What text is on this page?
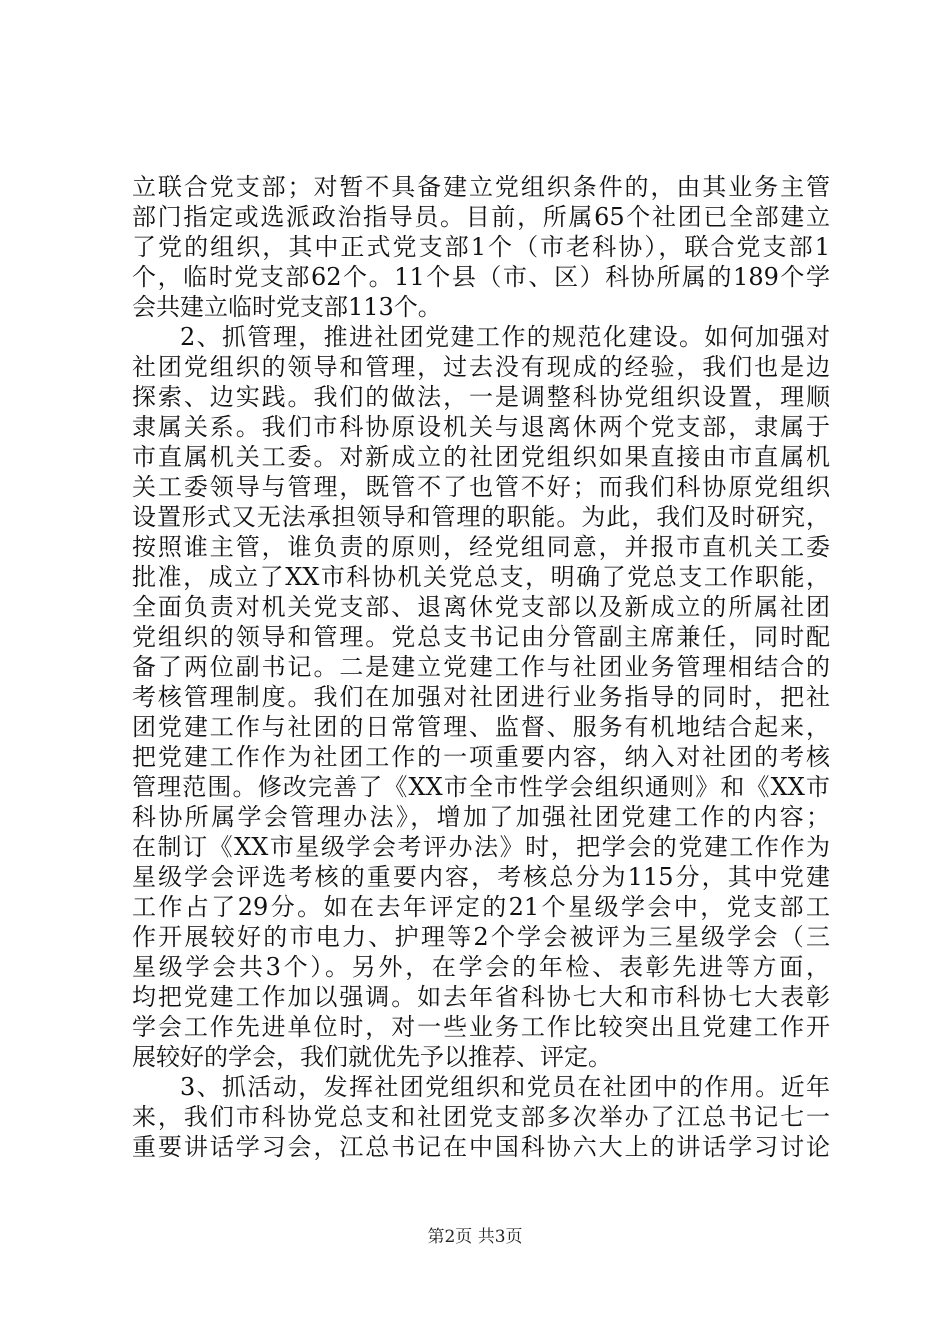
立联合党支部；对暂不具备建立党组织条件的，由其业务主管
部门指定或选派政治指导员。目前，所属65个社团已全部建立
了党的组织，其中正式党支部1个（市老科协），联合党支部1
个，临时党支部62个。11个县（市、区）科协所属的189个学
会共建立临时党支部113个。
2、抓管理，推进社团党建工作的规范化建设。如何加强对
社团党组织的领导和管理，过去没有现成的经验，我们也是边
探索、边实践。我们的做法，一是调整科协党组织设置，理顺
隶属关系。我们市科协原设机关与退离休两个党支部，隶属于
市直属机关工委。对新成立的社团党组织如果直接由市直属机
关工委领导与管理，既管不了也管不好；而我们科协原党组织
设置形式又无法承担领导和管理的职能。为此，我们及时研究，
按照谁主管，谁负责的原则，经党组同意，并报市直机关工委
批准，成立了XX市科协机关党总支，明确了党总支工作职能，
全面负责对机关党支部、退离休党支部以及新成立的所属社团
党组织的领导和管理。党总支书记由分管副主席兼任，同时配
备了两位副书记。二是建立党建工作与社团业务管理相结合的
考核管理制度。我们在加强对社团进行业务指导的同时，把社
团党建工作与社团的日常管理、监督、服务有机地结合起来，
把党建工作作为社团工作的一项重要内容，纳入对社团的考核
管理范围。修改完善了《XX市全市性学会组织通则》和《XX市
科协所属学会管理办法》，增加了加强社团党建工作的内容；
在制订《XX市星级学会考评办法》时，把学会的党建工作作为
星级学会评选考核的重要内容，考核总分为115分，其中党建
工作占了29分。如在去年评定的21个星级学会中，党支部工
作开展较好的市电力、护理等2个学会被评为三星级学会（三
星级学会共3个）。另外，在学会的年检、表彰先进等方面，
均把党建工作加以强调。如去年省科协七大和市科协七大表彰
学会工作先进单位时，对一些业务工作比较突出且党建工作开
展较好的学会，我们就优先予以推荐、评定。
3、抓活动，发挥社团党组织和党员在社团中的作用。近年
来，我们市科协党总支和社团党支部多次举办了江总书记七一
重要讲话学习会，江总书记在中国科协六大上的讲话学习讨论
第2页 共3页
